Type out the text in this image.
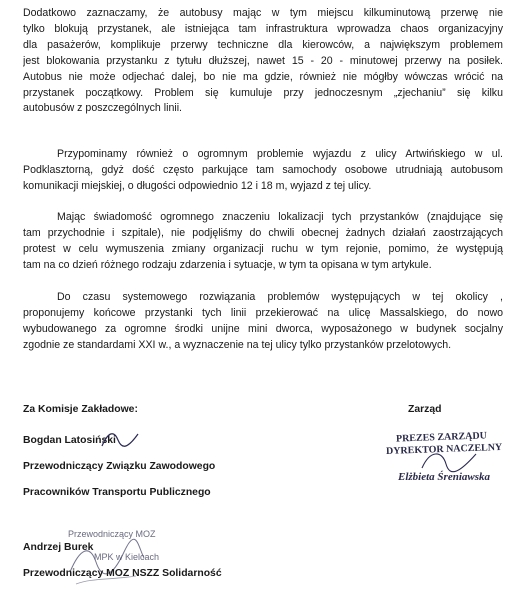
Dodatkowo zaznaczamy, że autobusy mając w tym miejscu kilkuminutową przerwę nie
tylko blokują przystanek, ale istniejąca tam infrastruktura wprowadza chaos organizacyjny
dla pasażerów, komplikuje przerwy techniczne dla kierowców, a największym problemem
jest blokowania przystanku z tytułu dłuższej, nawet 15 - 20 - minutowej przerwy na posiłek.
Autobus nie może odjechać dalej, bo nie ma gdzie, również nie mógłby wówczas wrócić na
przystanek początkowy. Problem się kumuluje przy jednoczesnym „zjechaniu” się kilku
autobusów z poszczególnych linii.
Przypominamy również o ogromnym problemie wyjazdu z ulicy Artwińskiego w ul.
Podklasztorną, gdyż dość często parkujące tam samochody osobowe utrudniają autobusom
komunikacji miejskiej, o długości odpowiednio 12 i 18 m, wyjazd z tej ulicy.
Mając świadomość ogromnego znaczeniu lokalizacji tych przystanków (znajdujące się
tam przychodnie i szpitale), nie podjęliśmy do chwili obecnej żadnych działań zaostrzających
protest w celu wymuszenia zmiany organizacji ruchu w tym rejonie, pomimo, że występują
tam na co dzień różnego rodzaju zdarzenia i sytuacje, w tym ta opisana w tym artykule.
Do czasu systemowego rozwiązania problemów występujących w tej okolicy ,
proponujemy końcowe przystanki tych linii przekierować na ulicę Massalskiego, do nowo
wybudowanego za ogromne środki unijne mini dworca, wyposażonego w budynek socjalny
zgodnie ze standardami XXI w., a wyznaczenie na tej ulicy tylko przystanków przelotowych.

Za Komisje Zakładowe:

Bogdan Latosiński

Przewodniczący Związku Zawodowego

Pracowników Transportu Publicznego

Przewodniczący MOZ

MPK w Kielcach

Andrzej Burek

Przewodniczący MOZ NSZZ Solidarność

Zarząd

PREZES ZARZĄDU

DYREKTOR NACZELNY

Elżbieta Śreniawska
